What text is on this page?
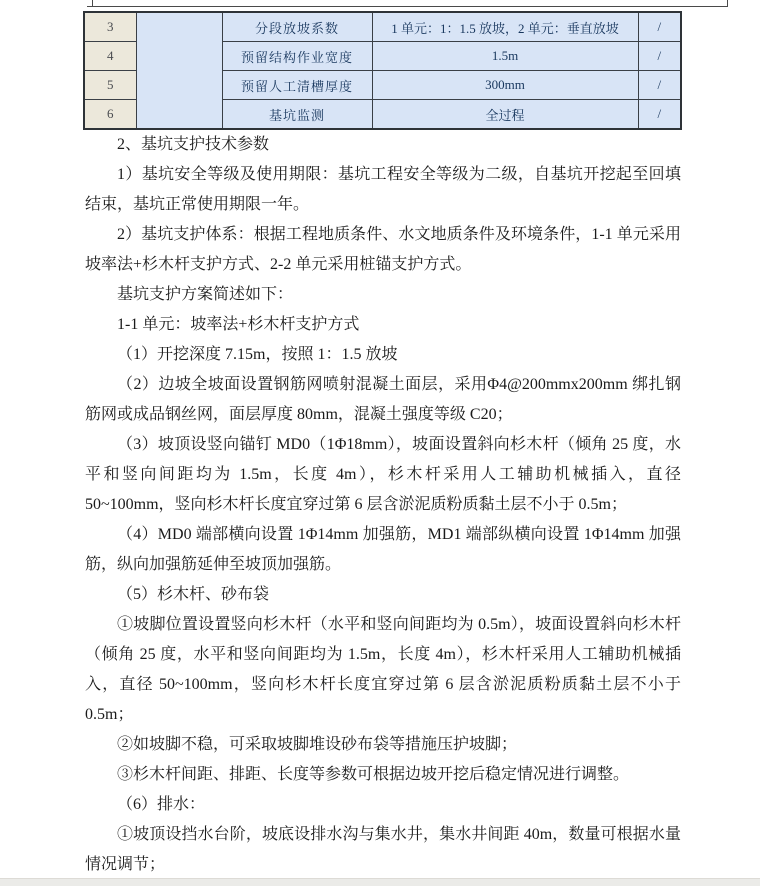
3		分段放坡系数	1 单元：1：1.5 放坡，2 单元：垂直放坡	/
4		预留结构作业宽度	1.5m	/
5		预留人工清槽厚度	300mm	/
6		基坑监测	全过程	/

2、基坑支护技术参数

1）基坑安全等级及使用期限：基坑工程安全等级为二级，自基坑开挖起至回填结束，基坑正常使用期限一年。

2）基坑支护体系：根据工程地质条件、水文地质条件及环境条件，1-1 单元采用坡率法+杉木杆支护方式、2-2 单元采用桩锚支护方式。

基坑支护方案简述如下：

1-1 单元：坡率法+杉木杆支护方式

（1）开挖深度 7.15m，按照 1：1.5 放坡

（2）边坡全坡面设置钢筋网喷射混凝土面层，采用Φ4@200mmx200mm 绑扎钢筋网或成品钢丝网，面层厚度 80mm，混凝土强度等级 C20；

（3）坡顶设竖向锚钉 MD0（1Φ18mm），坡面设置斜向杉木杆（倾角 25 度，水平和竖向间距均为 1.5m，长度 4m），杉木杆采用人工辅助机械插入，直径 50~100mm，竖向杉木杆长度宜穿过第 6 层含淤泥质粉质黏土层不小于 0.5m；

（4）MD0 端部横向设置 1Φ14mm 加强筋，MD1 端部纵横向设置 1Φ14mm 加强筋，纵向加强筋延伸至坡顶加强筋。

（5）杉木杆、砂布袋

①坡脚位置设置竖向杉木杆（水平和竖向间距均为 0.5m），坡面设置斜向杉木杆（倾角 25 度，水平和竖向间距均为 1.5m，长度 4m），杉木杆采用人工辅助机械插入，直径 50~100mm，竖向杉木杆长度宜穿过第 6 层含淤泥质粉质黏土层不小于 0.5m；

②如坡脚不稳，可采取坡脚堆设砂布袋等措施压护坡脚；

③杉木杆间距、排距、长度等参数可根据边坡开挖后稳定情况进行调整。

（6）排水：

①坡顶设挡水台阶，坡底设排水沟与集水井，集水井间距 40m，数量可根据水量情况调节；
